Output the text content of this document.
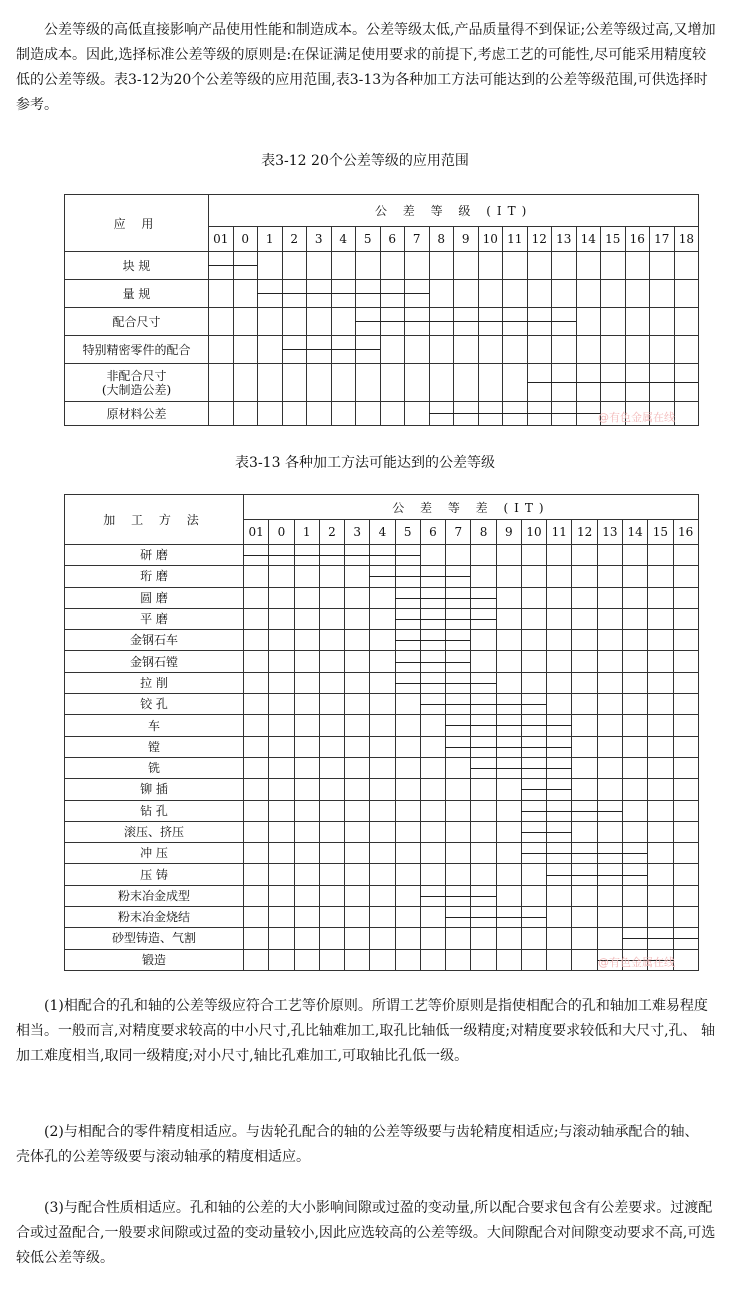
公差等级的高低直接影响产品使用性能和制造成本。公差等级太低,产品质量得不到保证;公差等级过高,又增加制造成本。因此,选择标准公差等级的原则是:在保证满足使用要求的前提下,考虑工艺的可能性,尽可能采用精度较低的公差等级。表3-12为20个公差等级的应用范围,表3-13为各种加工方法可能达到的公差等级范围,可供选择时参考。

表3-12 20个公差等级的应用范围

应 用	公 差 等 级 (IT)																			
	01	0	1	2	3	4	5	6	7	8	9	10	11	12	13	14	15	16	17	18
块 规																				
量 规																				
配合尺寸																				
特别精密零件的配合																				
非配合尺寸
(大制造公差)																				
原材料公差																					@有色金属在线

表3-13 各种加工方法可能达到的公差等级

加 工 方 法	公 差 等 差 (IT)																	
	01	0	1	2	3	4	5	6	7	8	9	10	11	12	13	14	15	16
研 磨																		
珩 磨																		
圆 磨																		
平 磨																		
金钢石车																		
金钢石镗																		
拉 削																		
铰 孔																		
车																		
镗																		
铣																		
铆 插																		
钻 孔																		
滚压、挤压																		
冲 压																		
压 铸																		
粉末冶金成型																		
粉末冶金烧结																		
砂型铸造、气割																		
锻造																			@有色金属在线

(1)相配合的孔和轴的公差等级应符合工艺等价原则。所谓工艺等价原则是指使相配合的孔和轴加工难易程度相当。一般而言,对精度要求较高的中小尺寸,孔比轴难加工,取孔比轴低一级精度;对精度要求较低和大尺寸,孔、 轴加工难度相当,取同一级精度;对小尺寸,轴比孔难加工,可取轴比孔低一级。

(2)与相配合的零件精度相适应。与齿轮孔配合的轴的公差等级要与齿轮精度相适应;与滚动轴承配合的轴、 壳体孔的公差等级要与滚动轴承的精度相适应。

(3)与配合性质相适应。孔和轴的公差的大小影响间隙或过盈的变动量,所以配合要求包含有公差要求。过渡配合或过盈配合,一般要求间隙或过盈的变动量较小,因此应选较高的公差等级。大间隙配合对间隙变动要求不高,可选较低公差等级。
